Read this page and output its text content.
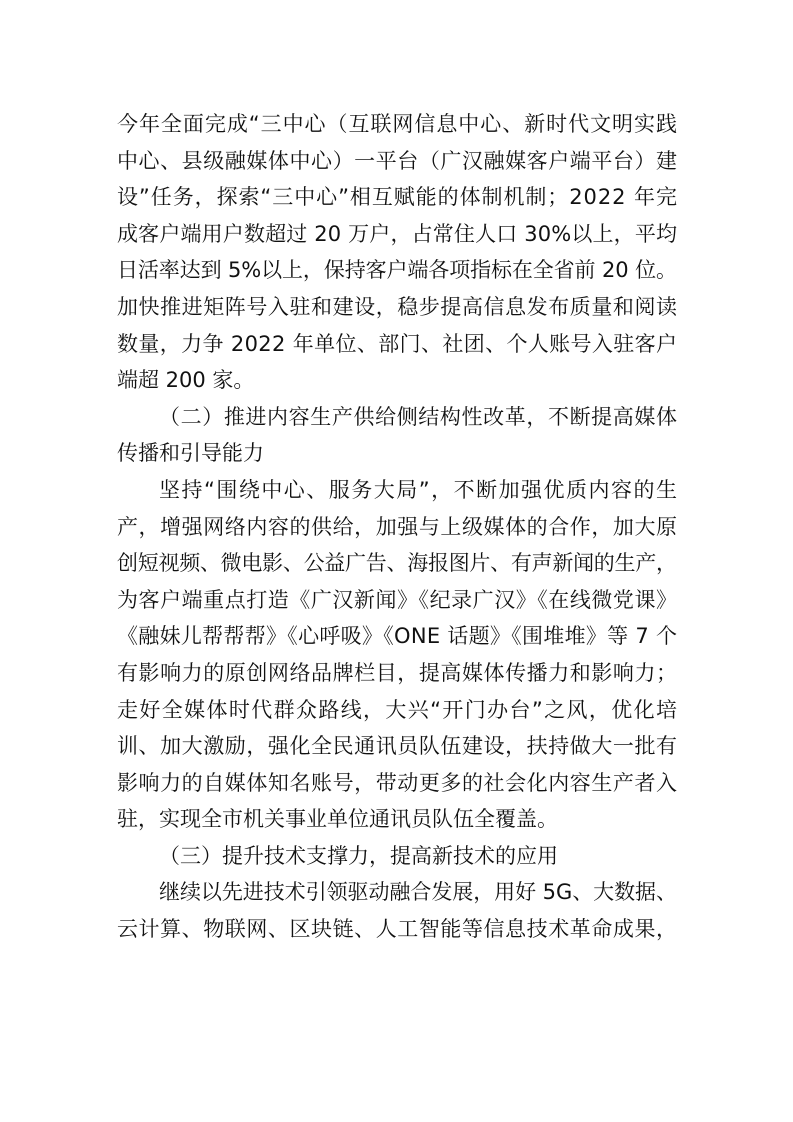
今年全面完成“三中心（互联网信息中心、新时代文明实践
中心、县级融媒体中心）一平台（广汉融媒客户端平台）建
设”任务，探索“三中心”相互赋能的体制机制；2022 年完
成客户端用户数超过 20 万户，占常住人口 30%以上，平均
日活率达到 5%以上，保持客户端各项指标在全省前 20 位。
加快推进矩阵号入驻和建设，稳步提高信息发布质量和阅读
数量，力争 2022 年单位、部门、社团、个人账号入驻客户
端超 200 家。
（二）推进内容生产供给侧结构性改革，不断提高媒体
传播和引导能力
坚持“围绕中心、服务大局”，不断加强优质内容的生
产，增强网络内容的供给，加强与上级媒体的合作，加大原
创短视频、微电影、公益广告、海报图片、有声新闻的生产，
为客户端重点打造《广汉新闻》《纪录广汉》《在线微党课》
《融妹儿帮帮帮》《心呼吸》《ONE 话题》《围堆堆》等 7 个
有影响力的原创网络品牌栏目，提高媒体传播力和影响力；
走好全媒体时代群众路线，大兴“开门办台”之风，优化培
训、加大激励，强化全民通讯员队伍建设，扶持做大一批有
影响力的自媒体知名账号，带动更多的社会化内容生产者入
驻，实现全市机关事业单位通讯员队伍全覆盖。
（三）提升技术支撑力，提高新技术的应用
继续以先进技术引领驱动融合发展，用好 5G、大数据、
云计算、物联网、区块链、人工智能等信息技术革命成果，
